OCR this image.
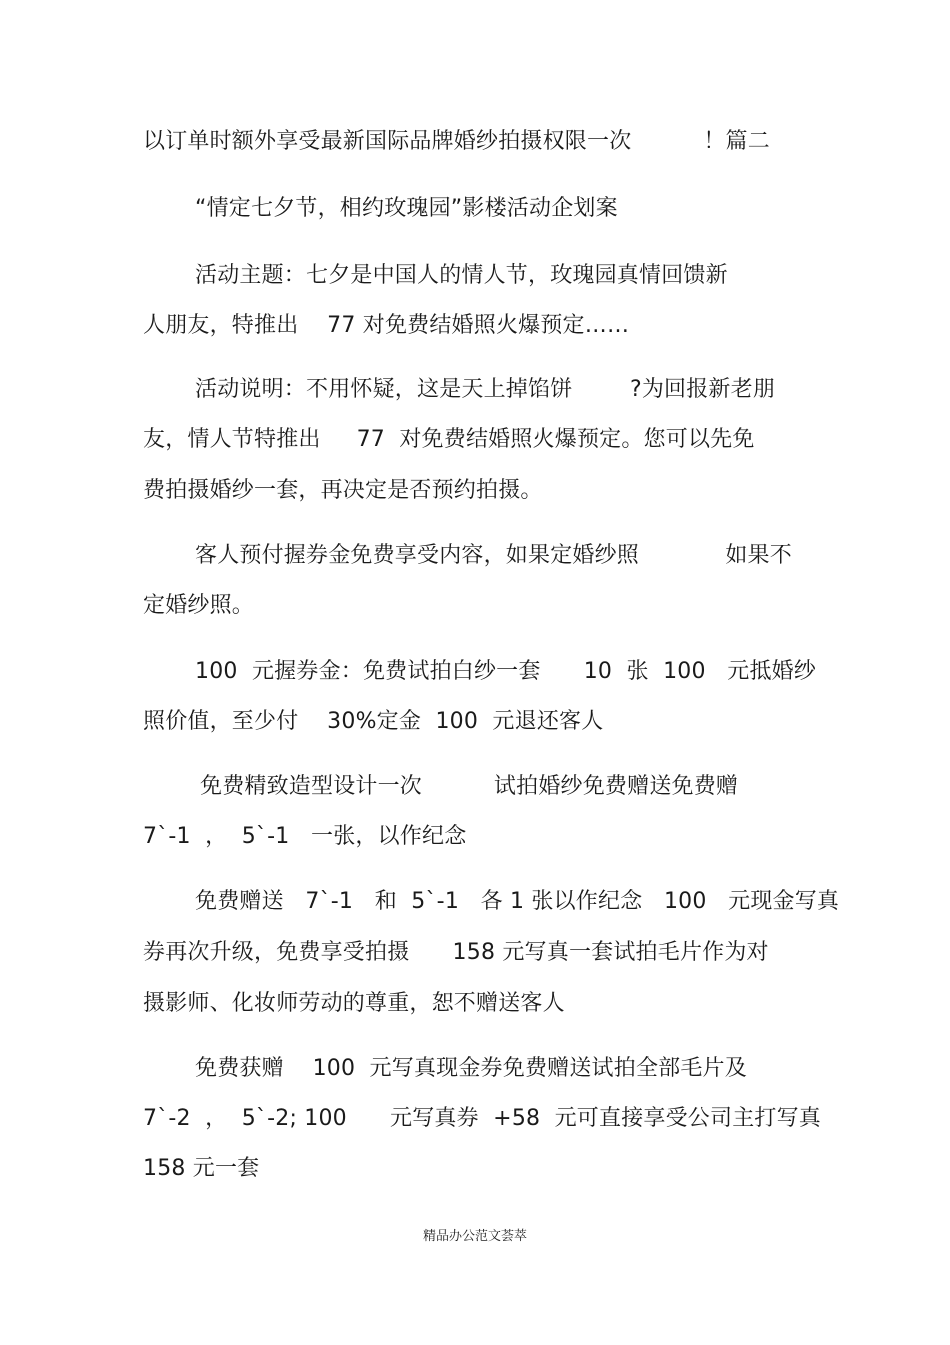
以订单时额外享受最新国际品牌婚纱拍摄权限一次          ！篇二
“情定七夕节，相约玫瑰园”影楼活动企划案
活动主题：七夕是中国人的情人节，玫瑰园真情回馈新
人朋友，特推出    77 对免费结婚照火爆预定……
活动说明：不用怀疑，这是天上掉馅饼        ?为回报新老朋
友，情人节特推出     77  对免费结婚照火爆预定。您可以先免
费拍摄婚纱一套，再决定是否预约拍摄。
客人预付握券金免费享受内容，如果定婚纱照            如果不
定婚纱照。
100  元握券金：免费试拍白纱一套      10  张  100   元抵婚纱
照价值，至少付    30%定金  100  元退还客人
免费精致造型设计一次          试拍婚纱免费赠送免费赠
7`-1  ，  5`-1   一张，以作纪念
免费赠送   7`-1   和  5`-1   各 1 张以作纪念   100   元现金写真
券再次升级，免费享受拍摄      158 元写真一套试拍毛片作为对
摄影师、化妆师劳动的尊重，恕不赠送客人
免费获赠    100  元写真现金券免费赠送试拍全部毛片及
7`-2  ，  5`-2; 100      元写真券  +58  元可直接享受公司主打写真
158 元一套
精品办公范文荟萃
